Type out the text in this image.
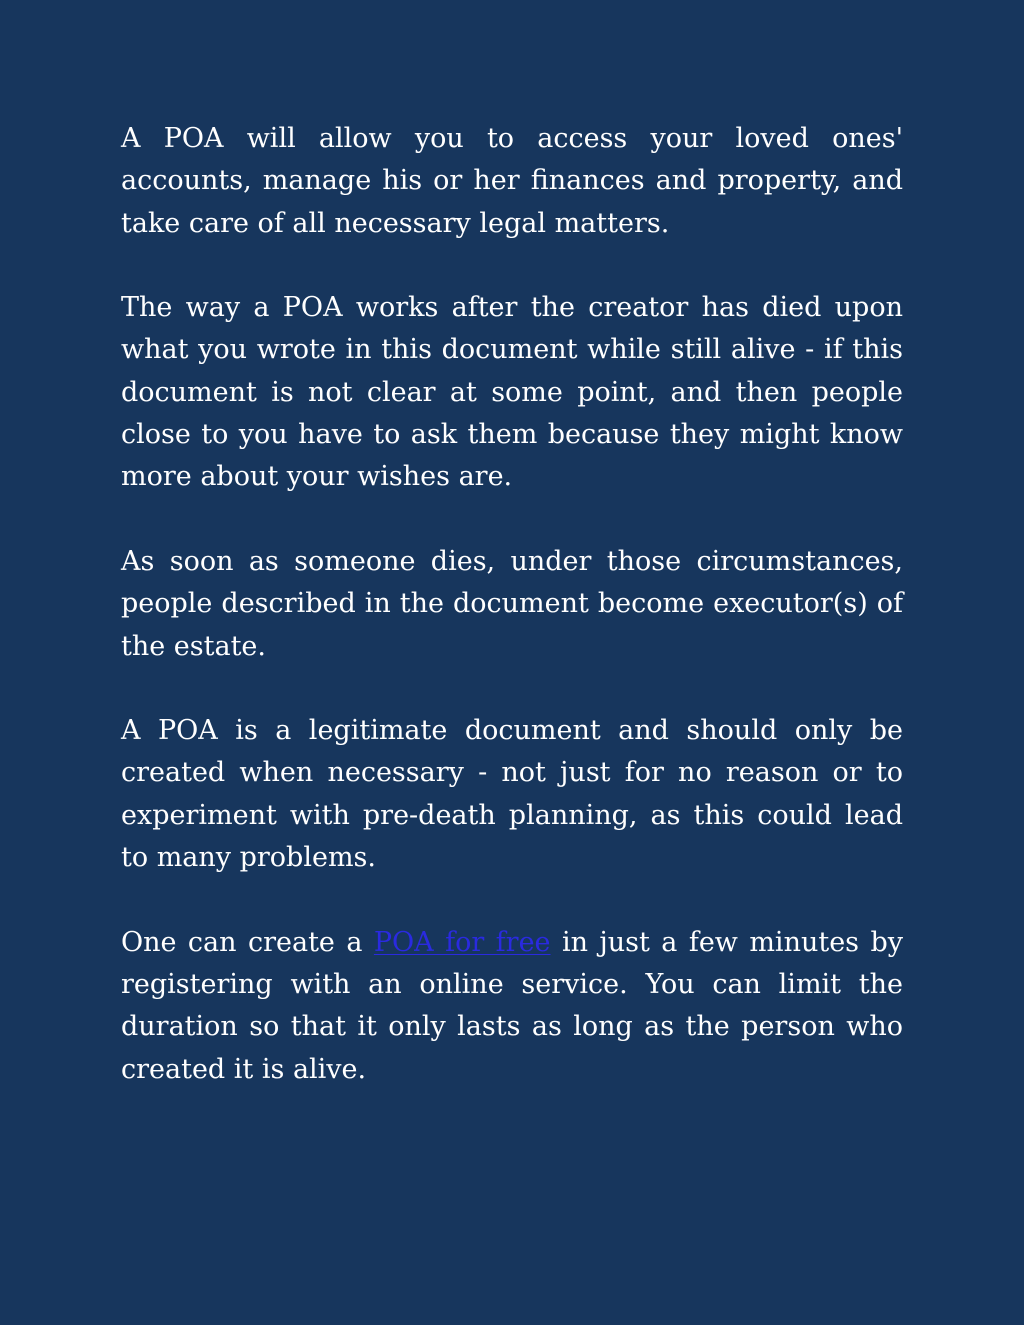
A POA will allow you to access your loved ones' accounts, manage his or her finances and property, and take care of all necessary legal matters.

The way a POA works after the creator has died upon what you wrote in this document while still alive - if this document is not clear at some point, and then people close to you have to ask them because they might know more about your wishes are.

As soon as someone dies, under those circumstances, people described in the document become executor(s) of the estate.

A POA is a legitimate document and should only be created when necessary - not just for no reason or to experiment with pre-death planning, as this could lead to many problems.

One can create a POA for free in just a few minutes by registering with an online service. You can limit the duration so that it only lasts as long as the person who created it is alive.
